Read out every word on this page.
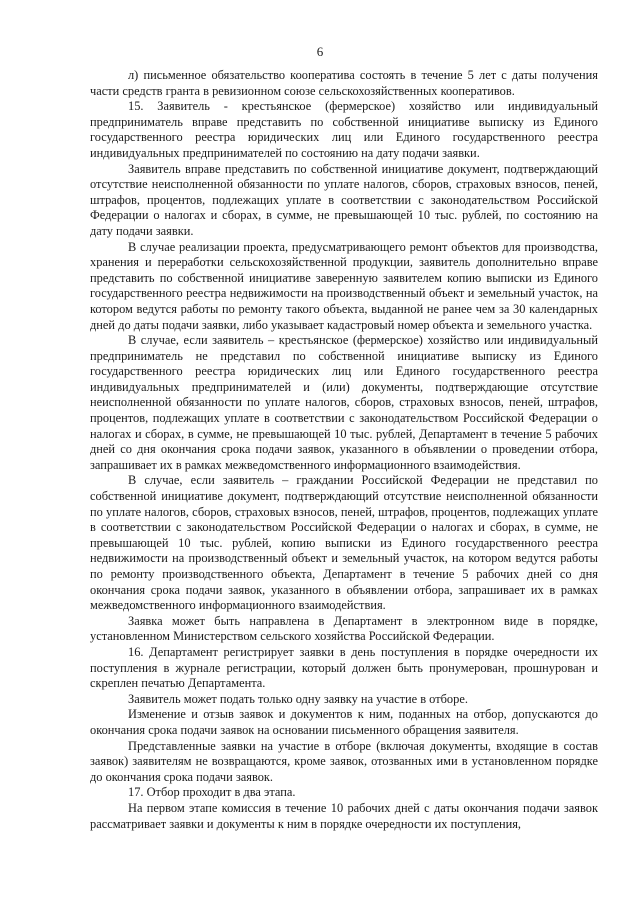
6

л) письменное обязательство кооператива состоять в течение 5 лет с даты получения части средств гранта в ревизионном союзе сельскохозяйственных кооперативов.

15. Заявитель - крестьянское (фермерское) хозяйство или индивидуальный предприниматель вправе представить по собственной инициативе выписку из Единого государственного реестра юридических лиц или Единого государственного реестра индивидуальных предпринимателей по состоянию на дату подачи заявки.

Заявитель вправе представить по собственной инициативе документ, подтверждающий отсутствие неисполненной обязанности по уплате налогов, сборов, страховых взносов, пеней, штрафов, процентов, подлежащих уплате в соответствии с законодательством Российской Федерации о налогах и сборах, в сумме, не превышающей 10 тыс. рублей, по состоянию на дату подачи заявки.

В случае реализации проекта, предусматривающего ремонт объектов для производства, хранения и переработки сельскохозяйственной продукции, заявитель дополнительно вправе представить по собственной инициативе заверенную заявителем копию выписки из Единого государственного реестра недвижимости на производственный объект и земельный участок, на котором ведутся работы по ремонту такого объекта, выданной не ранее чем за 30 календарных дней до даты подачи заявки, либо указывает кадастровый номер объекта и земельного участка.

В случае, если заявитель – крестьянское (фермерское) хозяйство или индивидуальный предприниматель не представил по собственной инициативе выписку из Единого государственного реестра юридических лиц или Единого государственного реестра индивидуальных предпринимателей и (или) документы, подтверждающие отсутствие неисполненной обязанности по уплате налогов, сборов, страховых взносов, пеней, штрафов, процентов, подлежащих уплате в соответствии с законодательством Российской Федерации о налогах и сборах, в сумме, не превышающей 10 тыс. рублей, Департамент в течение 5 рабочих дней со дня окончания срока подачи заявок, указанного в объявлении о проведении отбора, запрашивает их в рамках межведомственного информационного взаимодействия.

В случае, если заявитель – граждании Российской Федерации не представил по собственной инициативе документ, подтверждающий отсутствие неисполненной обязанности по уплате налогов, сборов, страховых взносов, пеней, штрафов, процентов, подлежащих уплате в соответствии с законодательством Российской Федерации о налогах и сборах, в сумме, не превышающей 10 тыс. рублей, копию выписки из Единого государственного реестра недвижимости на производственный объект и земельный участок, на котором ведутся работы по ремонту производственного объекта, Департамент в течение 5 рабочих дней со дня окончания срока подачи заявок, указанного в объявлении отбора, запрашивает их в рамках межведомственного информационного взаимодействия.

Заявка может быть направлена в Департамент в электронном виде в порядке, установленном Министерством сельского хозяйства Российской Федерации.

16. Департамент регистрирует заявки в день поступления в порядке очередности их поступления в журнале регистрации, который должен быть пронумерован, прошнурован и скреплен печатью Департамента.

Заявитель может подать только одну заявку на участие в отборе.

Изменение и отзыв заявок и документов к ним, поданных на отбор, допускаются до окончания срока подачи заявок на основании письменного обращения заявителя.

Представленные заявки на участие в отборе (включая документы, входящие в состав заявок) заявителям не возвращаются, кроме заявок, отозванных ими в установленном порядке до окончания срока подачи заявок.

17. Отбор проходит в два этапа.

На первом этапе комиссия в течение 10 рабочих дней с даты окончания подачи заявок рассматривает заявки и документы к ним в порядке очередности их поступления,
